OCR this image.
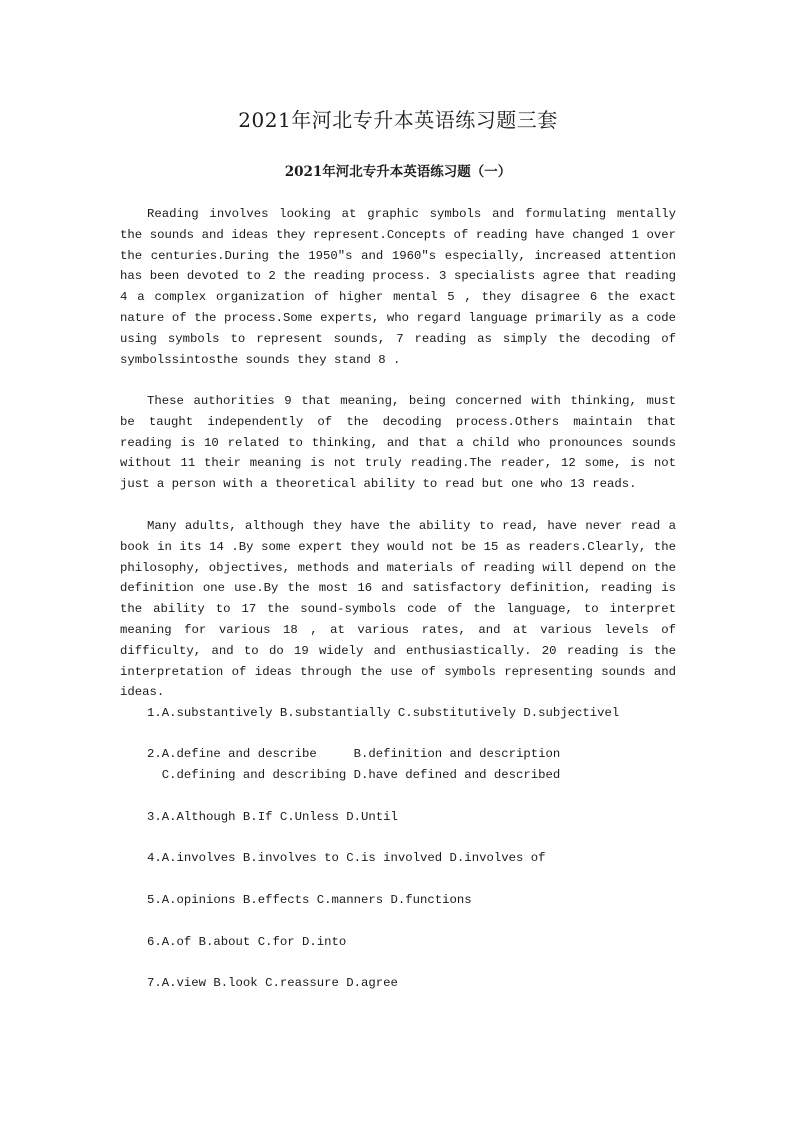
2021年河北专升本英语练习题三套
2021年河北专升本英语练习题（一）

Reading involves looking at graphic symbols and formulating mentally the sounds and ideas they represent.Concepts of reading have changed 1 over the centuries.During the 1950″s and 1960″s especially, increased attention has been devoted to 2 the reading process. 3 specialists agree that reading 4 a complex organization of higher mental 5 , they disagree 6 the exact nature of the process.Some experts, who regard language primarily as a code using symbols to represent sounds, 7 reading as simply the decoding of symbolssintosthe sounds they stand 8 .

These authorities 9 that meaning, being concerned with thinking, must be taught independently of the decoding process.Others maintain that reading is 10 related to thinking, and that a child who pronounces sounds without 11 their meaning is not truly reading.The reader, 12 some, is not just a person with a theoretical ability to read but one who 13 reads.

Many adults, although they have the ability to read, have never read a book in its 14 .By some expert they would not be 15 as readers.Clearly, the philosophy, objectives, methods and materials of reading will depend on the definition one use.By the most 16 and satisfactory definition, reading is the ability to 17 the sound-symbols code of the language, to interpret meaning for various 18 , at various rates, and at various levels of difficulty, and to do 19 widely and enthusiastically. 20 reading is the interpretation of ideas through the use of symbols representing sounds and ideas.

1.A.substantively B.substantially C.substitutively D.subjectivel
2.A.define and describe     B.definition and description
C.defining and describing D.have defined and described
3.A.Although B.If C.Unless D.Until
4.A.involves B.involves to C.is involved D.involves of
5.A.opinions B.effects C.manners D.functions
6.A.of B.about C.for D.into
7.A.view B.look C.reassure D.agree
